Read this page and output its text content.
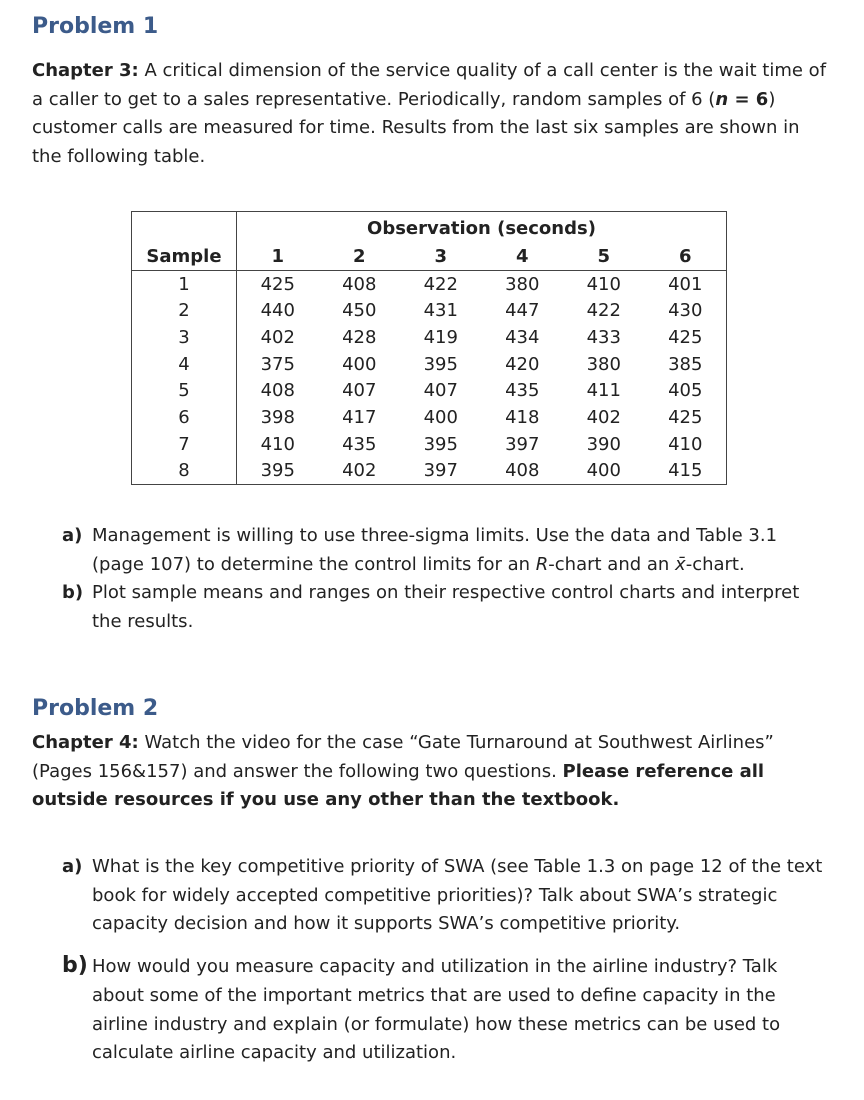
Problem 1

Chapter 3: A critical dimension of the service quality of a call center is the wait time of a caller to get to a sales representative. Periodically, random samples of 6 (n = 6) customer calls are measured for time. Results from the last six samples are shown in the following table.

	Observation (seconds)					
Sample	1	2	3	4	5	6
1	425	408	422	380	410	401
2	440	450	431	447	422	430
3	402	428	419	434	433	425
4	375	400	395	420	380	385
5	408	407	407	435	411	405
6	398	417	400	418	402	425
7	410	435	395	397	390	410
8	395	402	397	408	400	415
a) Management is willing to use three-sigma limits. Use the data and Table 3.1 (page 107) to determine the control limits for an R-chart and an x̄-chart.
b) Plot sample means and ranges on their respective control charts and interpret the results.
Problem 2

Chapter 4: Watch the video for the case “Gate Turnaround at Southwest Airlines” (Pages 156&157) and answer the following two questions. Please reference all outside resources if you use any other than the textbook.

a) What is the key competitive priority of SWA (see Table 1.3 on page 12 of the text book for widely accepted competitive priorities)? Talk about SWA’s strategic capacity decision and how it supports SWA’s competitive priority.
b) How would you measure capacity and utilization in the airline industry? Talk about some of the important metrics that are used to define capacity in the airline industry and explain (or formulate) how these metrics can be used to calculate airline capacity and utilization.
